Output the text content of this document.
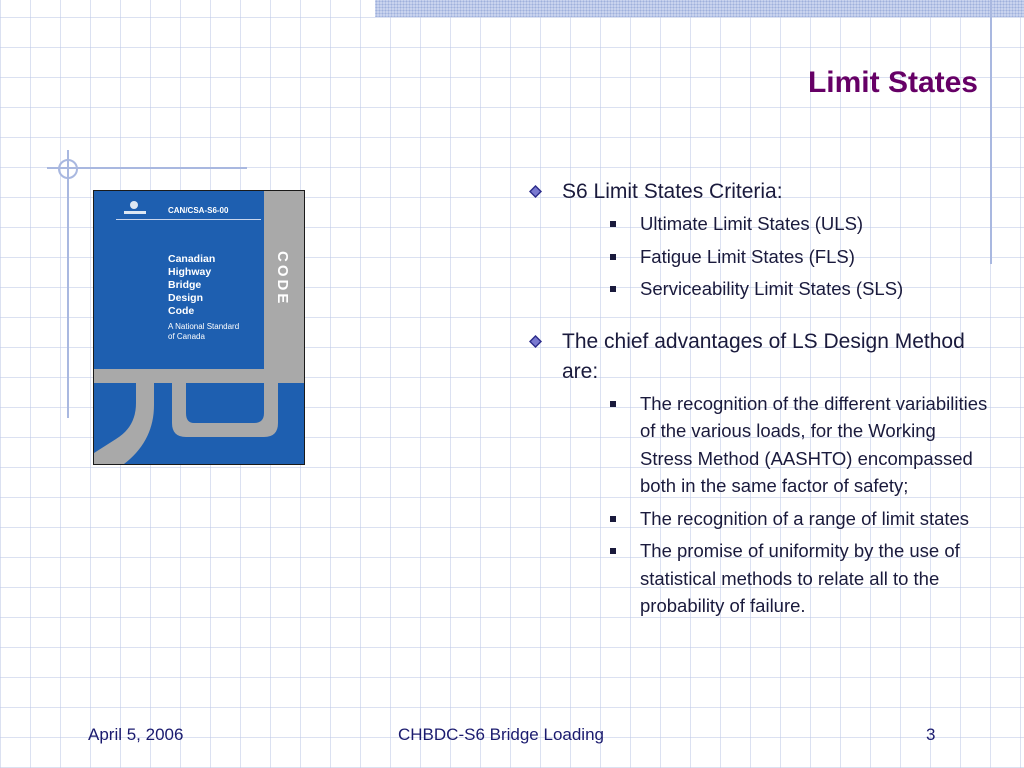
Limit States
CAN/CSA-S6-00
Canadian
Highway
Bridge
Design
Code
A National Standard
of Canada
CODE
S6 Limit States Criteria:
Ultimate Limit States (ULS)
Fatigue Limit States (FLS)
Serviceability Limit States (SLS)
The chief advantages of LS Design Method are:
The recognition of the different variabilities of the various loads, for the Working Stress Method (AASHTO) encompassed both in the same factor of safety;
The recognition of a range of limit states
The promise of uniformity by the use of statistical methods to relate all to the probability of failure.
April 5, 2006	CHBDC-S6 Bridge Loading	3
